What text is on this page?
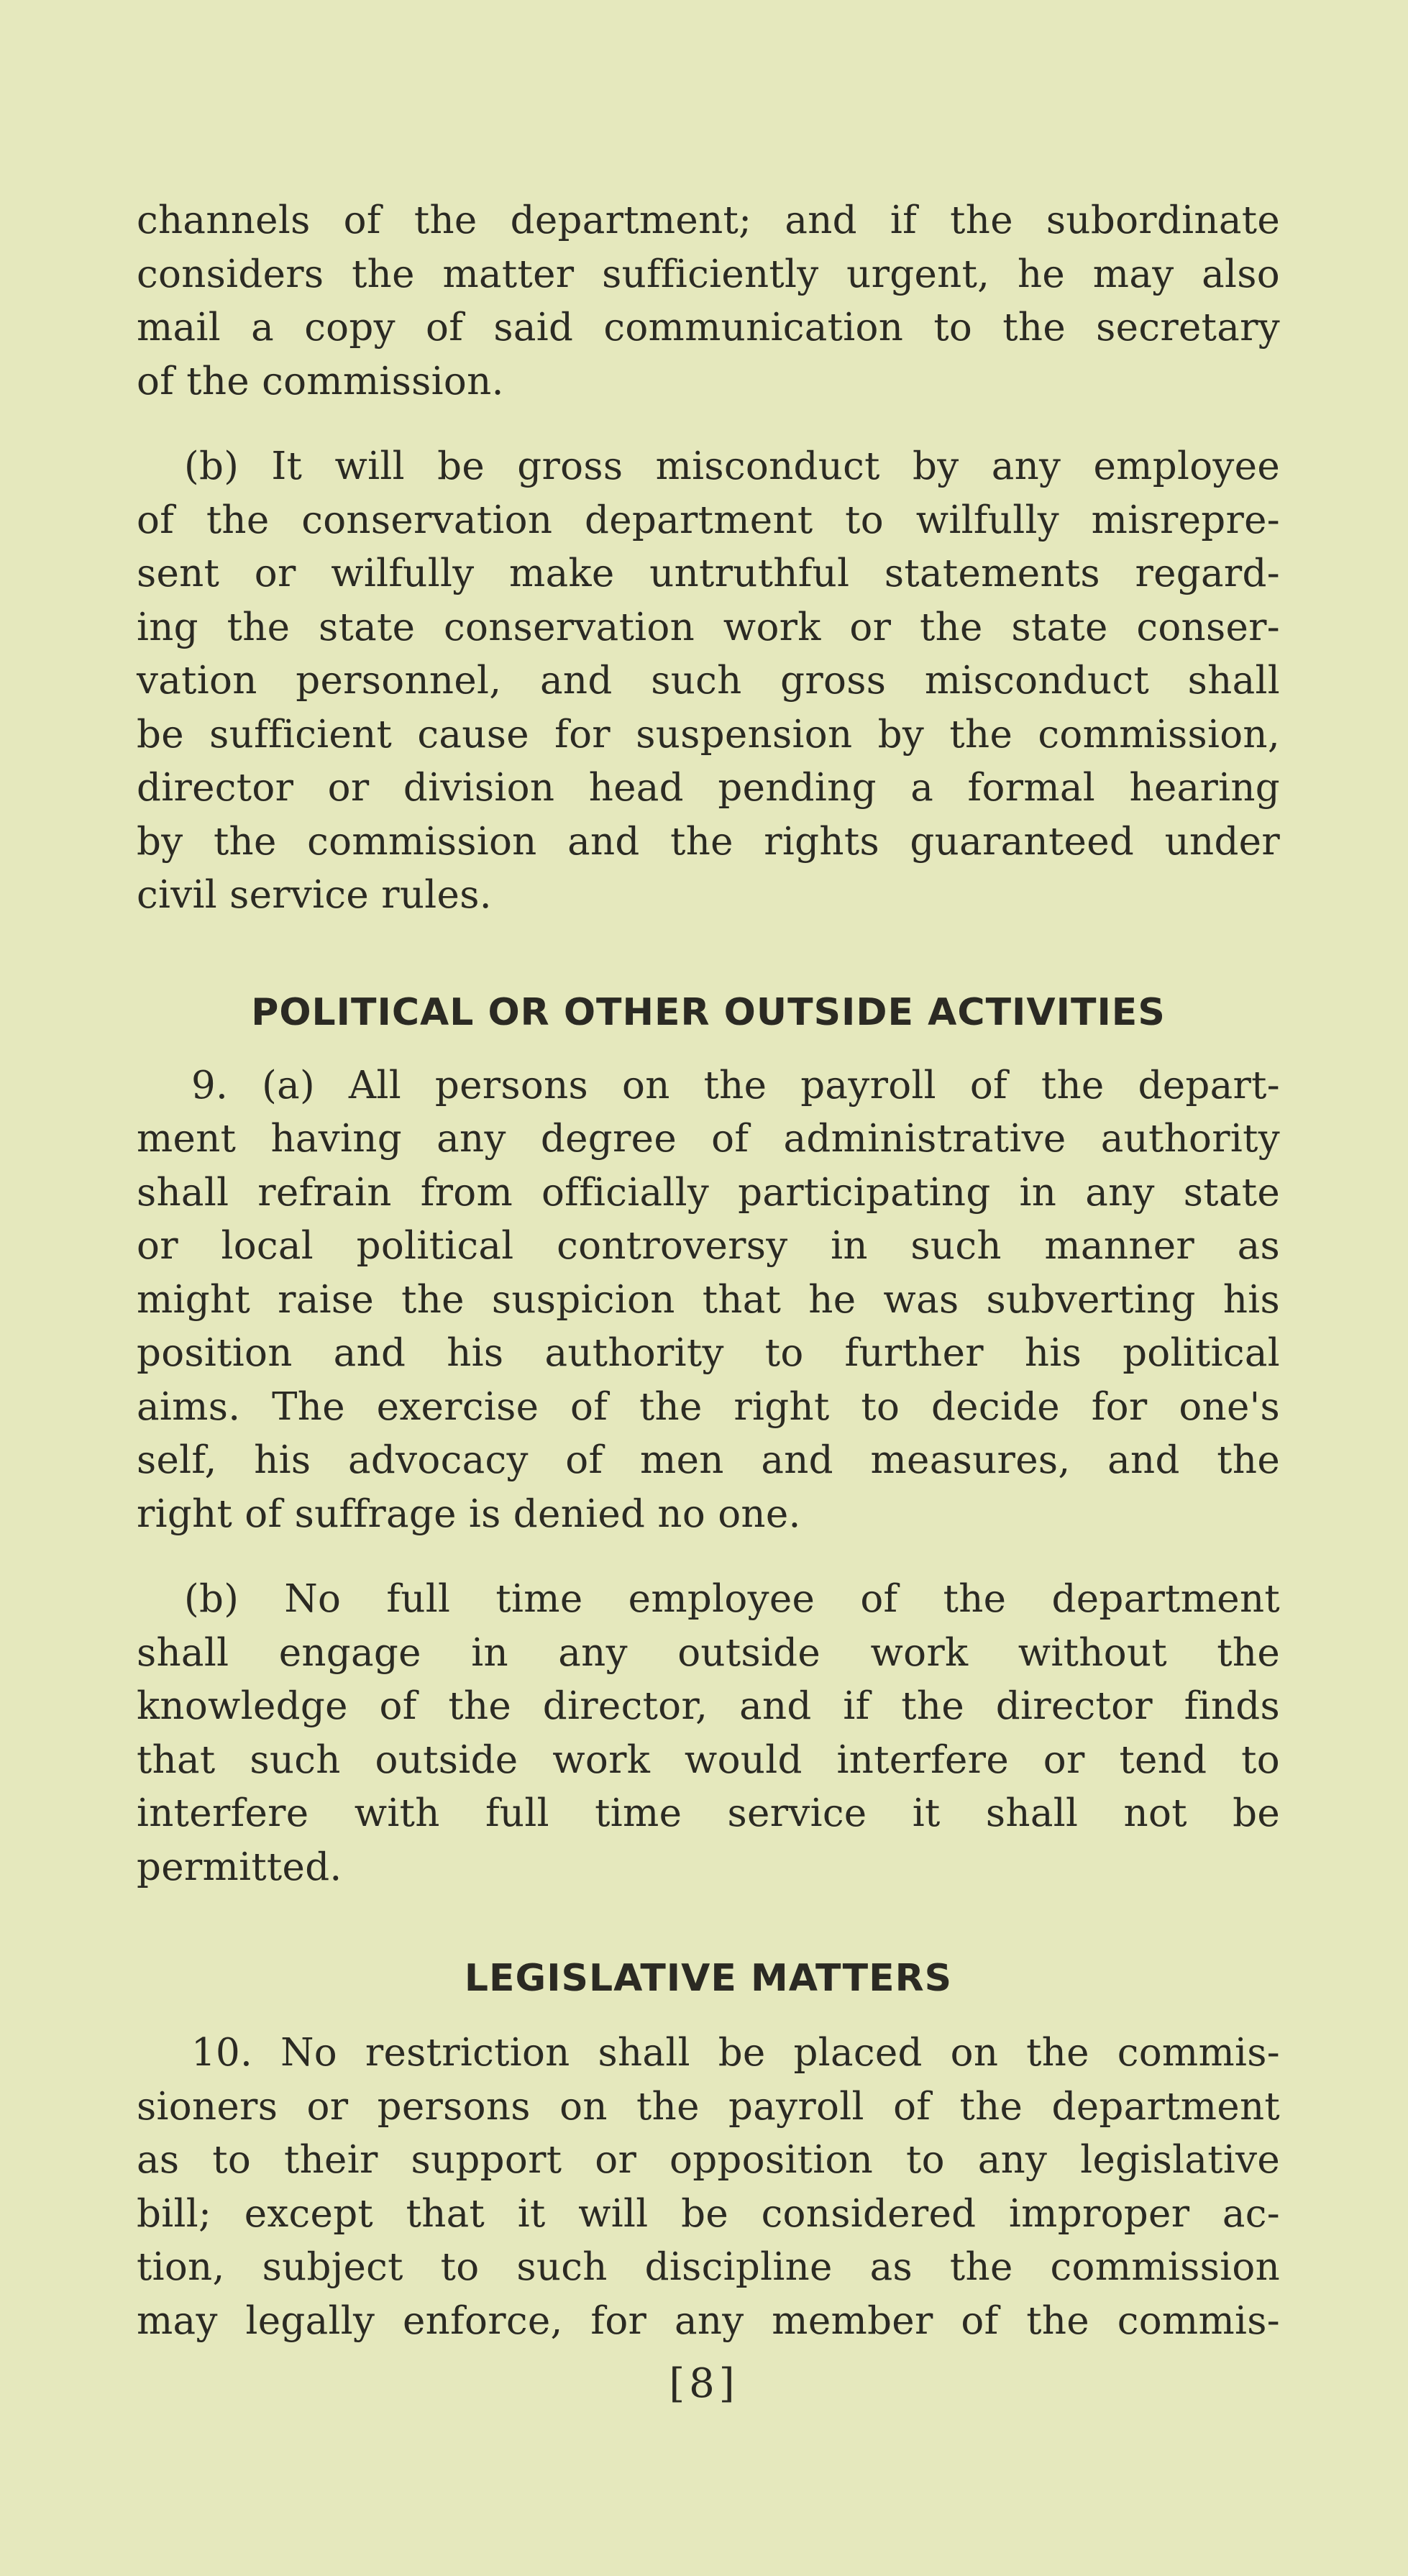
channels of the department; and if the subordinate
considers the matter sufficiently urgent, he may also
mail a copy of said communication to the secretary
of the commission.
(b) It will be gross misconduct by any employee
of the conservation department to wilfully misrepre-
sent or wilfully make untruthful statements regard-
ing the state conservation work or the state conser-
vation personnel, and such gross misconduct shall
be sufficient cause for suspension by the commission,
director or division head pending a formal hearing
by the commission and the rights guaranteed under
civil service rules.
POLITICAL OR OTHER OUTSIDE ACTIVITIES
9. (a) All persons on the payroll of the depart-
ment having any degree of administrative authority
shall refrain from officially participating in any state
or local political controversy in such manner as
might raise the suspicion that he was subverting his
position and his authority to further his political
aims. The exercise of the right to decide for one's
self, his advocacy of men and measures, and the
right of suffrage is denied no one.
(b) No full time employee of the department
shall engage in any outside work without the
knowledge of the director, and if the director finds
that such outside work would interfere or tend to
interfere with full time service it shall not be
permitted.
LEGISLATIVE MATTERS
10. No restriction shall be placed on the commis-
sioners or persons on the payroll of the department
as to their support or opposition to any legislative
bill; except that it will be considered improper ac-
tion, subject to such discipline as the commission
may legally enforce, for any member of the commis-
[8]
